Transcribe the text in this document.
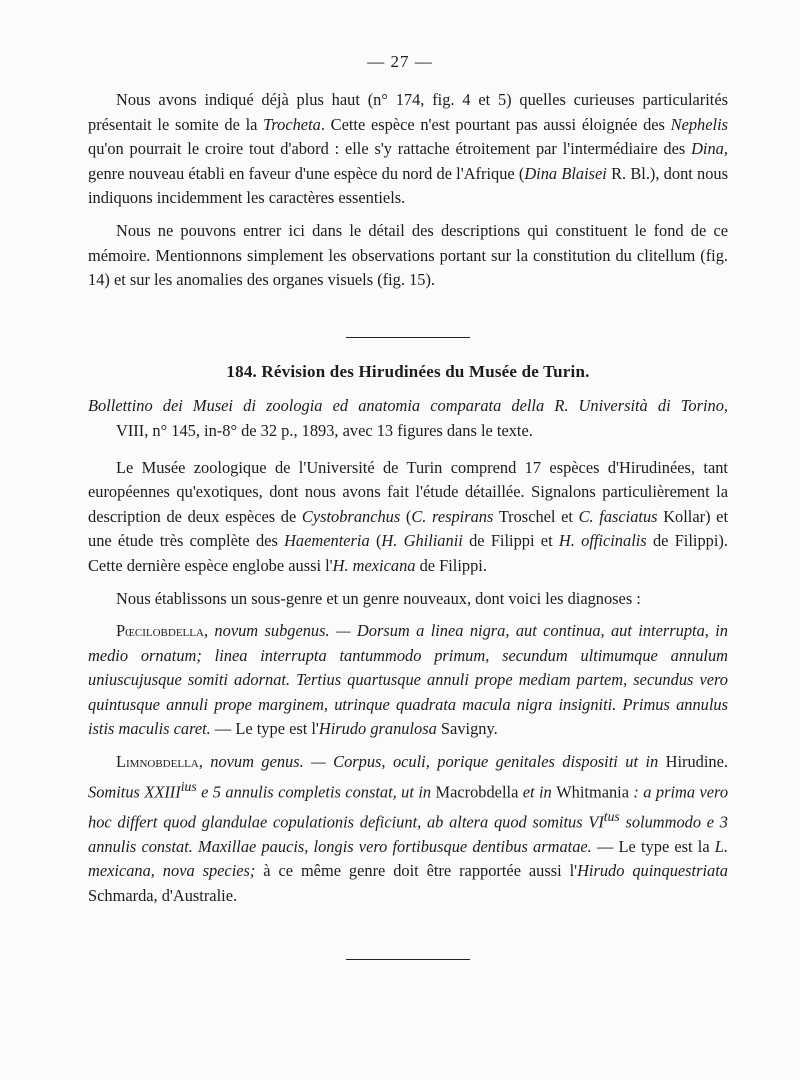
— 27 —

Nous avons indiqué déjà plus haut (n° 174, fig. 4 et 5) quelles curieuses particularités présentait le somite de la Trocheta. Cette espèce n'est pourtant pas aussi éloignée des Nephelis qu'on pourrait le croire tout d'abord : elle s'y rattache étroitement par l'intermédiaire des Dina, genre nouveau établi en faveur d'une espèce du nord de l'Afrique (Dina Blaisei R. Bl.), dont nous indiquons incidemment les caractères essentiels.

Nous ne pouvons entrer ici dans le détail des descriptions qui constituent le fond de ce mémoire. Mentionnons simplement les observations portant sur la constitution du clitellum (fig. 14) et sur les anomalies des organes visuels (fig. 15).

184. Révision des Hirudinées du Musée de Turin.
Bollettino dei Musei di zoologia ed anatomia comparata della R. Università di Torino,
VIII, n° 145, in-8° de 32 p., 1893, avec 13 figures dans le texte.

Le Musée zoologique de l'Université de Turin comprend 17 espèces d'Hirudinées, tant européennes qu'exotiques, dont nous avons fait l'étude détaillée. Signalons particulièrement la description de deux espèces de Cystobranchus (C. respirans Troschel et C. fasciatus Kollar) et une étude très complète des Haementeria (H. Ghilianii de Filippi et H. officinalis de Filippi). Cette dernière espèce englobe aussi l'H. mexicana de Filippi.

Nous établissons un sous-genre et un genre nouveaux, dont voici les diagnoses :

Pœcilobdella, novum subgenus. — Dorsum a linea nigra, aut continua, aut interrupta, in medio ornatum; linea interrupta tantummodo primum, secundum ultimumque annulum uniuscujusque somiti adornat. Tertius quartusque annuli prope mediam partem, secundus vero quintusque annuli prope marginem, utrinque quadrata macula nigra insigniti. Primus annulus istis maculis caret. — Le type est l'Hirudo granulosa Savigny.

Limnobdella, novum genus. — Corpus, oculi, porique genitales dispositi ut in Hirudine. Somitus $XXIII^{ius}$ e 5 annulis completis constat, ut in Macrobdella et in Whitmania : a prima vero hoc differt quod glandulae copulationis deficiunt, ab altera quod somitus $VI^{tus}$ solummodo e 3 annulis constat. Maxillae paucis, longis vero fortibusque dentibus armatae. — Le type est la L. mexicana, nova species; à ce même genre doit être rapportée aussi l'Hirudo quinquestriata Schmarda, d'Australie.
